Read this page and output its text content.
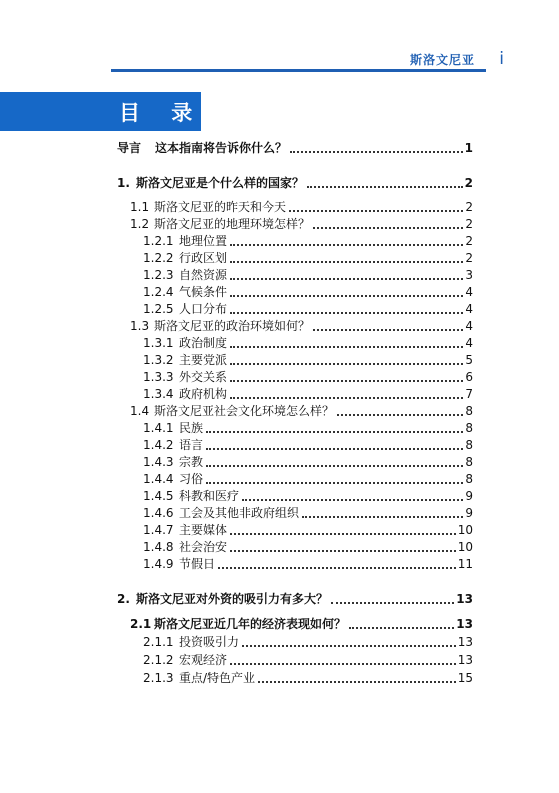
斯洛文尼亚 i
目 录
导言	这本指南将告诉你什么？	1
1. 斯洛文尼亚是个什么样的国家？	2
1.1 斯洛文尼亚的昨天和今天	2
1.2 斯洛文尼亚的地理环境怎样？	2
1.2.1 地理位置	2
1.2.2 行政区划	2
1.2.3 自然资源	3
1.2.4 气候条件	4
1.2.5 人口分布	4
1.3 斯洛文尼亚的政治环境如何？	4
1.3.1 政治制度	4
1.3.2 主要党派	5
1.3.3 外交关系	6
1.3.4 政府机构	7
1.4 斯洛文尼亚社会文化环境怎么样？	8
1.4.1 民族	8
1.4.2 语言	8
1.4.3 宗教	8
1.4.4 习俗	8
1.4.5 科教和医疗	9
1.4.6 工会及其他非政府组织	9
1.4.7 主要媒体	10
1.4.8 社会治安	10
1.4.9 节假日	11
2. 斯洛文尼亚对外资的吸引力有多大？	13
2.1 斯洛文尼亚近几年的经济表现如何？	13
2.1.1 投资吸引力	13
2.1.2 宏观经济	13
2.1.3 重点/特色产业	15
